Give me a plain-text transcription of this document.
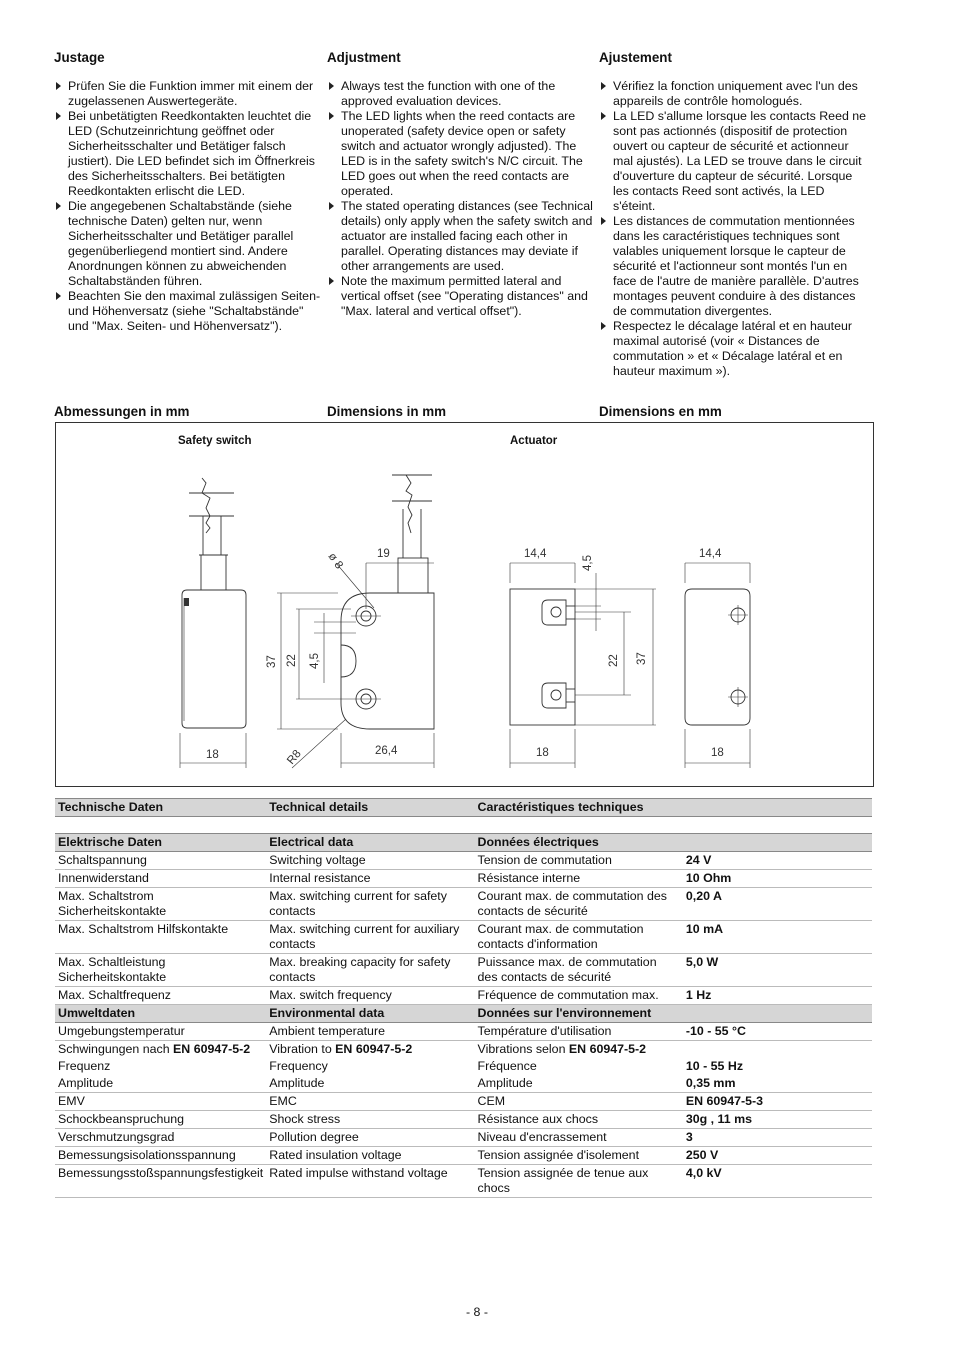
Justage
Prüfen Sie die Funktion immer mit einem der zugelassenen Auswertegeräte.
Bei unbetätigten Reedkontakten leuchtet die LED (Schutzeinrichtung geöffnet oder Sicherheitsschalter und Betätiger falsch justiert). Die LED befindet sich im Öffnerkreis des Sicherheitsschalters. Bei betätigten Reedkontakten erlischt die LED.
Die angegebenen Schaltabstände (siehe technische Daten) gelten nur, wenn Sicherheitsschalter und Betätiger parallel gegenüberliegend montiert sind. Andere Anordnungen können zu abweichenden Schaltabständen führen.
Beachten Sie den maximal zulässigen Seiten- und Höhenversatz (siehe "Schaltabstände" und "Max. Seiten- und Höhenversatz").
Adjustment
Always test the function with one of the approved evaluation devices.
The LED lights when the reed contacts are unoperated (safety device open or safety switch and actuator wrongly adjusted). The LED is in the safety switch's N/C circuit. The LED goes out when the reed contacts are operated.
The stated operating distances (see Technical details) only apply when the safety switch and actuator are installed facing each other in parallel. Operating distances may deviate if other arrangements are used.
Note the maximum permitted lateral and vertical offset (see "Operating distances" and "Max. lateral and vertical offset").
Ajustement
Vérifiez la fonction uniquement avec l'un des appareils de contrôle homologués.
La LED s'allume lorsque les contacts Reed ne sont pas actionnés (dispositif de protection ouvert ou capteur de sécurité et actionneur mal ajustés). La LED se trouve dans le circuit d'ouverture du capteur de sécurité. Lorsque les contacts Reed sont activés, la LED s'éteint.
Les distances de commutation mentionnées dans les caractéristiques techniques sont valables uniquement lorsque le capteur de sécurité et l'actionneur sont montés l'un en face de l'autre de manière parallèle. D'autres montages peuvent conduire à des distances de commutation divergentes.
Respectez le décalage latéral et en hauteur maximal autorisé (voir « Distances de commutation » et « Décalage latéral et en hauteur maximum »).
Abmessungen in mm	Dimensions in mm	Dimensions en mm
Safety switch	Actuator
18
37 22 4,5
ø 8	19
R8	26,4
14,4
4,5
22 37
18
14,4
18
Technische Daten	Technical details	Caractéristiques techniques	

Elektrische Daten	Electrical data	Données électriques	
Schaltspannung	Switching voltage	Tension de commutation	24 V
Innenwiderstand	Internal resistance	Résistance interne	10 Ohm
Max. Schaltstrom Sicherheitskontakte	Max. switching current for safety contacts	Courant max. de commutation des contacts de sécurité	0,20 A
Max. Schaltstrom Hilfskontakte	Max. switching current for auxiliary contacts	Courant max. de commutation contacts d'information	10 mA
Max. Schaltleistung Sicherheitskontakte	Max. breaking capacity for safety contacts	Puissance max. de commutation des contacts de sécurité	5,0 W
Max. Schaltfrequenz	Max. switch frequency	Fréquence de commutation max.	1 Hz
Umweltdaten	Environmental data	Données sur l'environnement	
Umgebungstemperatur	Ambient temperature	Température d'utilisation	-10 - 55 °C
Schwingungen nach EN 60947-5-2	Vibration to EN 60947-5-2	Vibrations selon EN 60947-5-2	
Frequenz	Frequency	Fréquence	10 - 55 Hz
Amplitude	Amplitude	Amplitude	0,35 mm
EMV	EMC	CEM	EN 60947-5-3
Schockbeanspruchung	Shock stress	Résistance aux chocs	30g , 11 ms
Verschmutzungsgrad	Pollution degree	Niveau d'encrassement	3
Bemessungsisolationsspannung	Rated insulation voltage	Tension assignée d'isolement	250 V
Bemessungsstoßspannungsfestigkeit	Rated impulse withstand voltage	Tension assignée de tenue aux chocs	4,0 kV
- 8 -
